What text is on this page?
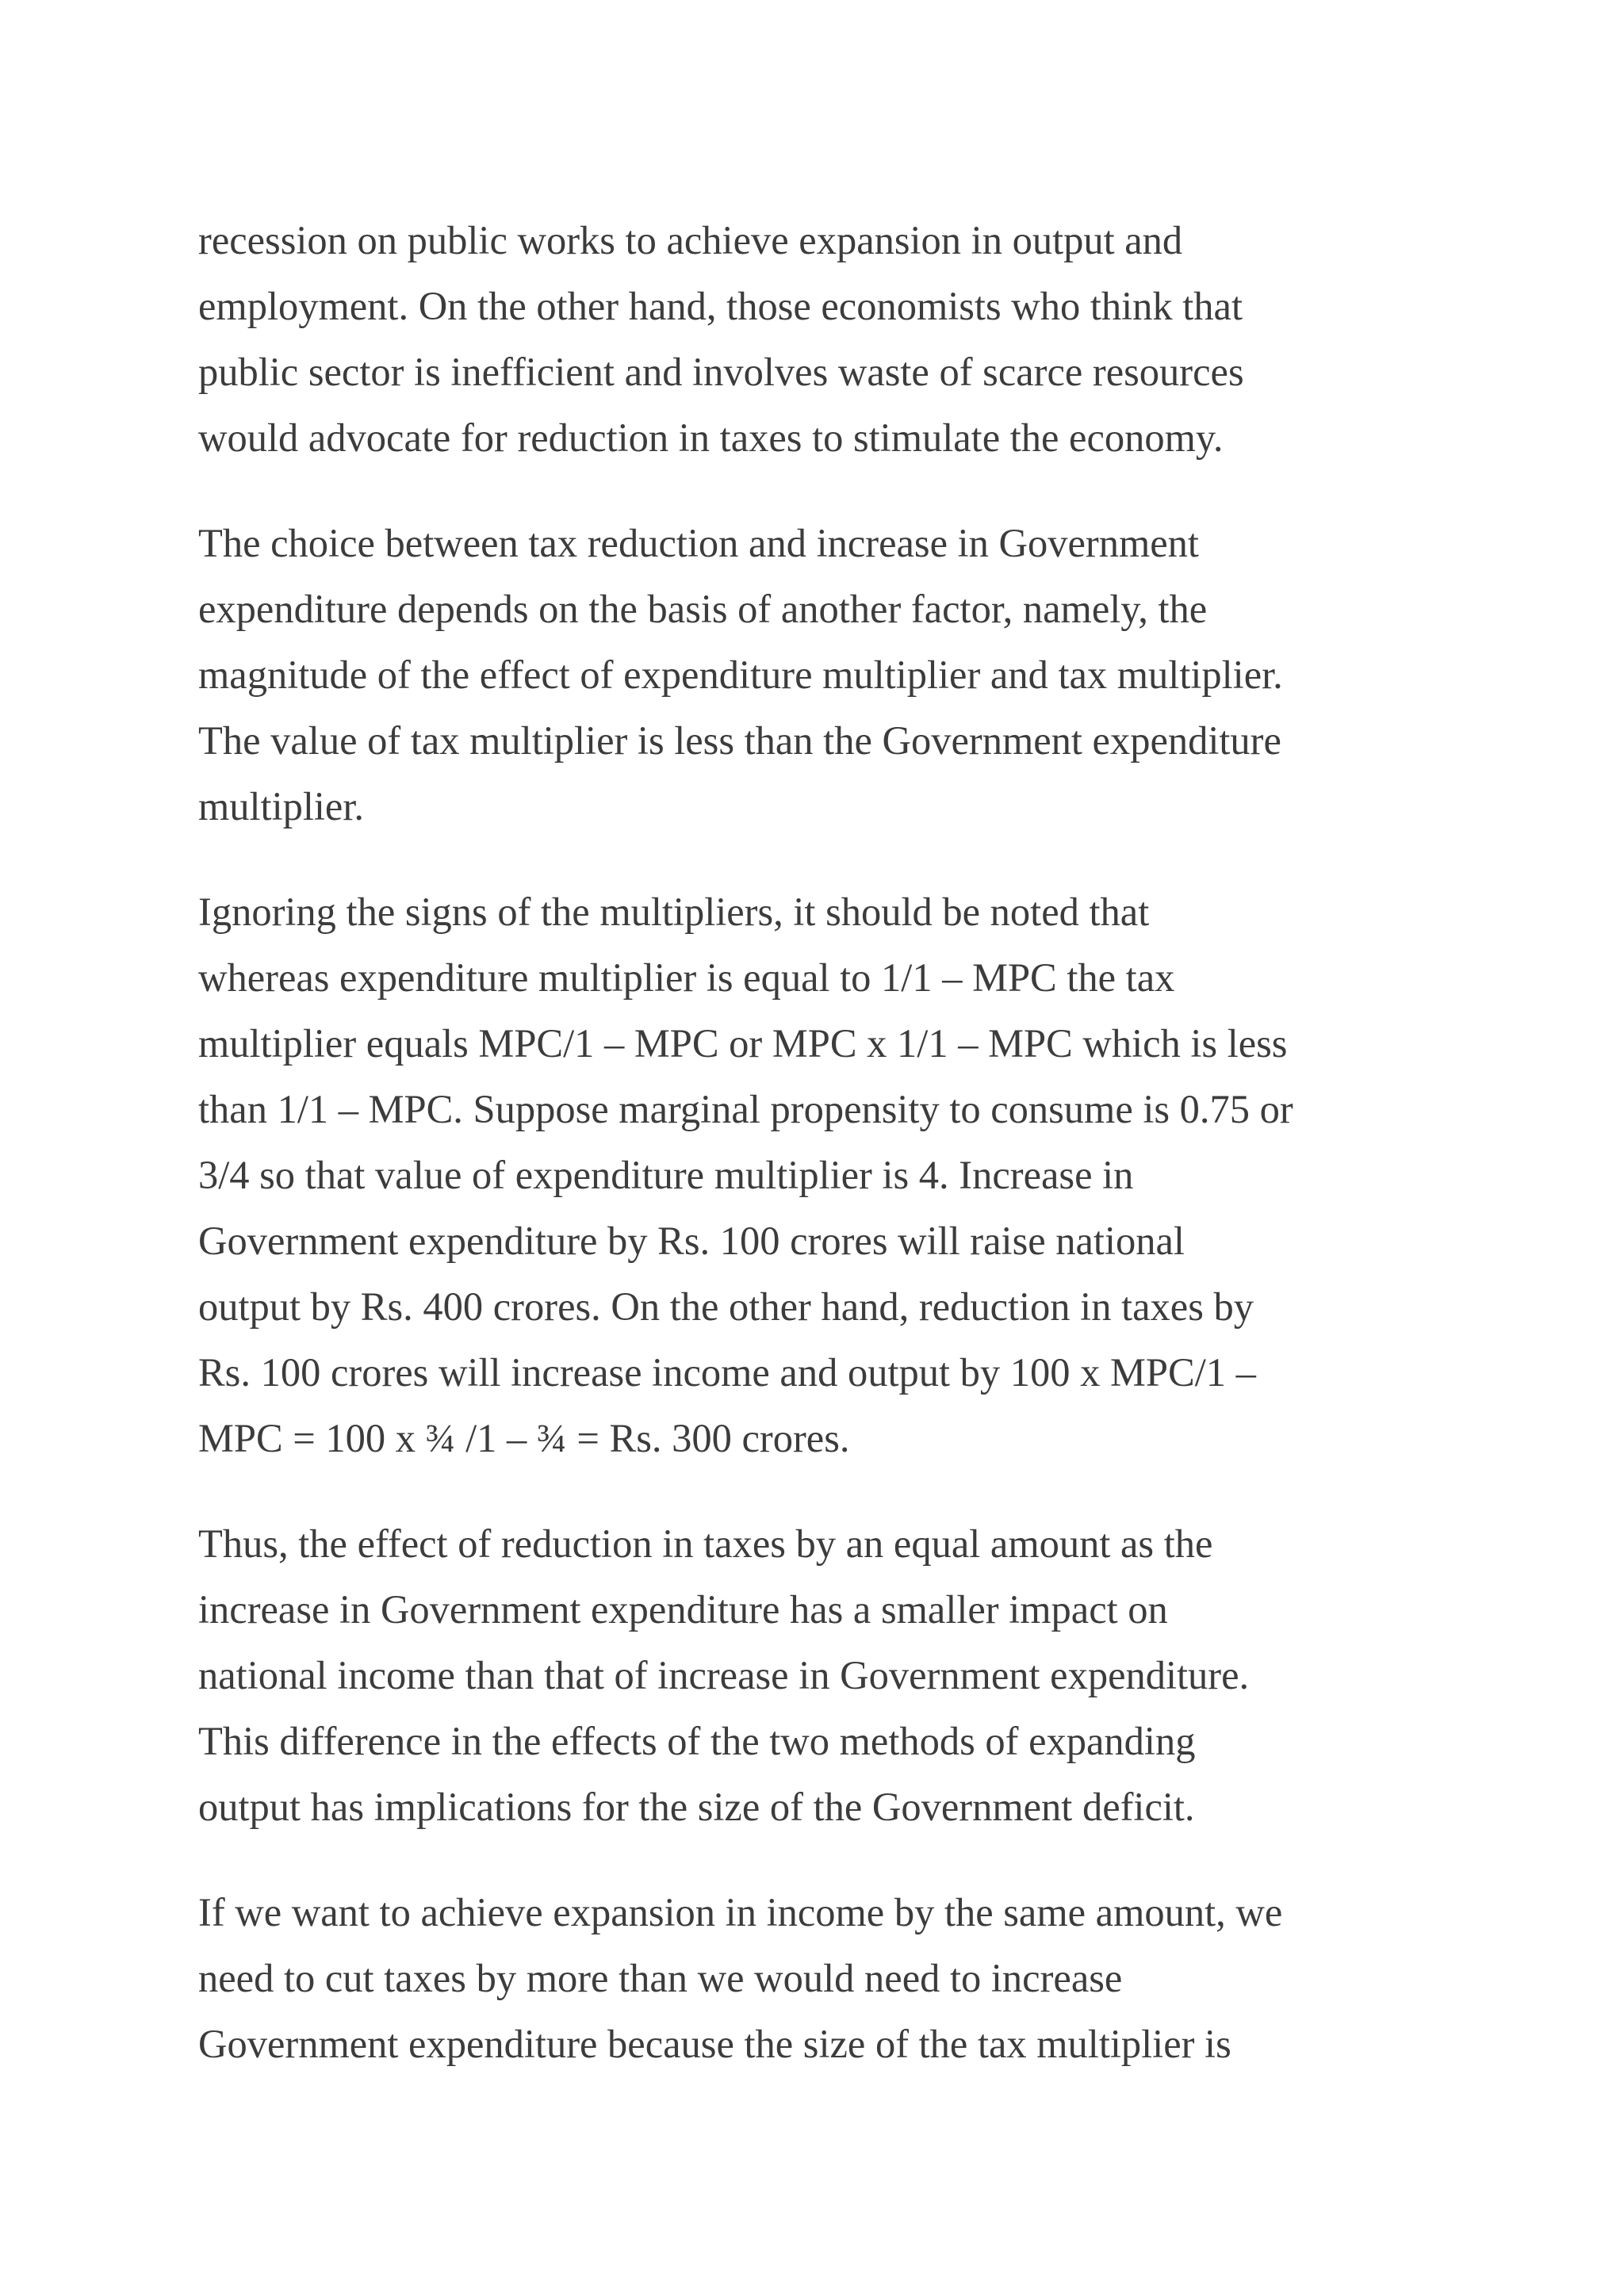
recession on public works to achieve expansion in output and
employment. On the other hand, those economists who think that
public sector is inefficient and involves waste of scarce resources
would advocate for reduction in taxes to stimulate the economy.

The choice between tax reduction and increase in Government
expenditure depends on the basis of another factor, namely, the
magnitude of the effect of expenditure multiplier and tax multiplier.
The value of tax multiplier is less than the Government expenditure
multiplier.

Ignoring the signs of the multipliers, it should be noted that
whereas expenditure multiplier is equal to 1/1 – MPC the tax
multiplier equals MPC/1 – MPC or MPC x 1/1 – MPC which is less
than 1/1 – MPC. Suppose marginal propensity to consume is 0.75 or
3/4 so that value of expenditure multiplier is 4. Increase in
Government expenditure by Rs. 100 crores will raise national
output by Rs. 400 crores. On the other hand, reduction in taxes by
Rs. 100 crores will increase income and output by 100 x MPC/1 –
MPC = 100 x ¾ /1 – ¾ = Rs. 300 crores.

Thus, the effect of reduction in taxes by an equal amount as the
increase in Government expenditure has a smaller impact on
national income than that of increase in Government expenditure.
This difference in the effects of the two methods of expanding
output has implications for the size of the Government deficit.

If we want to achieve expansion in income by the same amount, we
need to cut taxes by more than we would need to increase
Government expenditure because the size of the tax multiplier is
